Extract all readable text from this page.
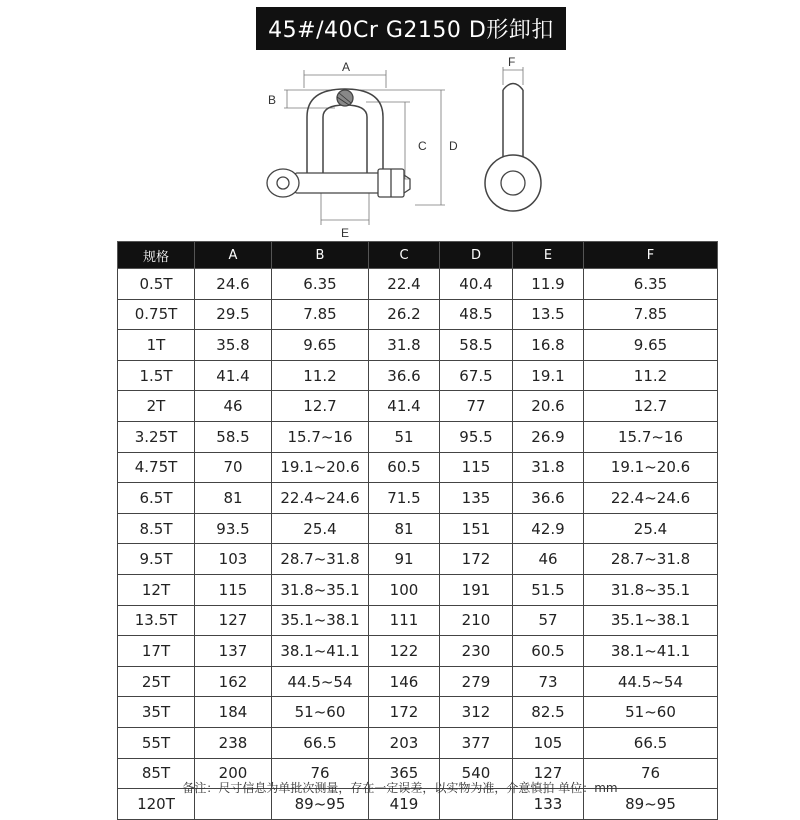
45#/40Cr G2150 D形卸扣
A
B
C D
E
F
规格	A	B	C	D	E	F
0.5T	24.6	6.35	22.4	40.4	11.9	6.35
0.75T	29.5	7.85	26.2	48.5	13.5	7.85
1T	35.8	9.65	31.8	58.5	16.8	9.65
1.5T	41.4	11.2	36.6	67.5	19.1	11.2
2T	46	12.7	41.4	77	20.6	12.7
3.25T	58.5	15.7~16	51	95.5	26.9	15.7~16
4.75T	70	19.1~20.6	60.5	115	31.8	19.1~20.6
6.5T	81	22.4~24.6	71.5	135	36.6	22.4~24.6
8.5T	93.5	25.4	81	151	42.9	25.4
9.5T	103	28.7~31.8	91	172	46	28.7~31.8
12T	115	31.8~35.1	100	191	51.5	31.8~35.1
13.5T	127	35.1~38.1	111	210	57	35.1~38.1
17T	137	38.1~41.1	122	230	60.5	38.1~41.1
25T	162	44.5~54	146	279	73	44.5~54
35T	184	51~60	172	312	82.5	51~60
55T	238	66.5	203	377	105	66.5
85T	200	76	365	540	127	76
120T		89~95	419		133	89~95
备注：尺寸信息为单批次测量，存在一定误差，以实物为准，介意慎拍 单位：mm
